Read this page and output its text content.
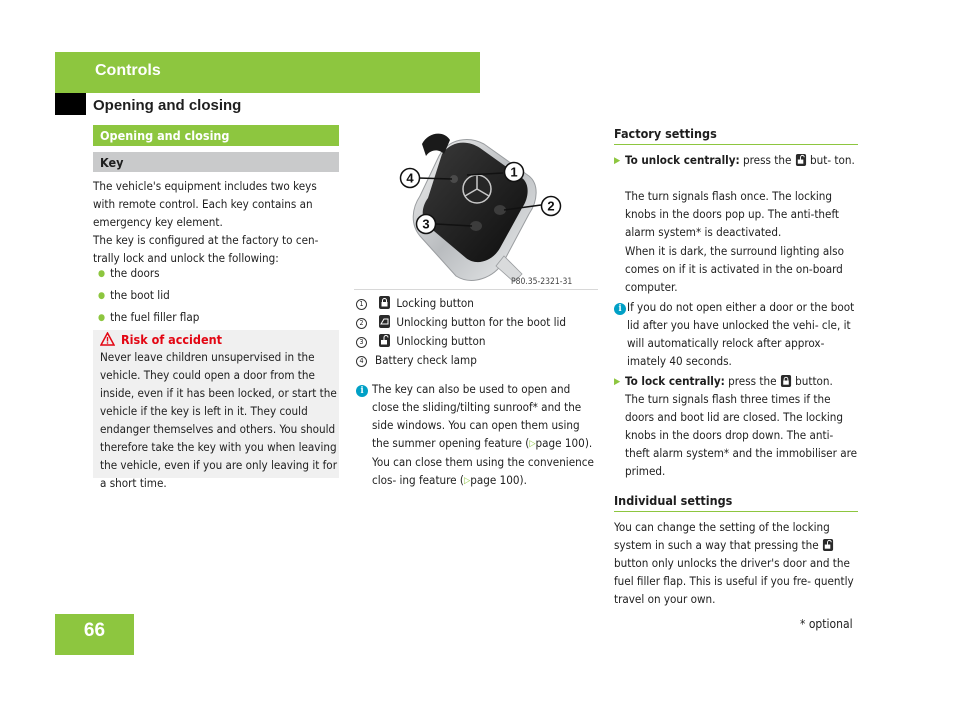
Controls
Opening and closing
Opening and closing
Key
The vehicle's equipment includes two keys with remote control. Each key contains an emergency key element.
The key is configured at the factory to cen- trally lock and unlock the following:
● the doors
● the boot lid
● the fuel filler flap
Risk of accident
Never leave children unsupervised in the vehicle. They could open a door from the inside, even if it has been locked, or start the vehicle if the key is left in it. They could endanger themselves and others. You should therefore take the key with you when leaving the vehicle, even if you are only leaving it for a short time.
1
2
3
4
P80.35-2321-31
1	Locking button
2	Unlocking button for the boot lid
3	Unlocking button
4 Battery check lamp
i The key can also be used to open and close the sliding/tilting sunroof* and the side windows. You can open them using the summer opening feature (▷page 100). You can close them using the convenience clos- ing feature (▷page 100).
Factory settings
▶ To unlock centrally: press the  but- ton.
The turn signals flash once. The locking knobs in the doors pop up. The anti-theft alarm system* is deactivated.
When it is dark, the surround lighting also comes on if it is activated in the on-board computer.
i If you do not open either a door or the boot lid after you have unlocked the vehi- cle, it will automatically relock after approx- imately 40 seconds.
▶ To lock centrally: press the  button.
The turn signals flash three times if the doors and boot lid are closed. The locking knobs in the doors drop down. The anti- theft alarm system* and the immobiliser are primed.
Individual settings
You can change the setting of the locking system in such a way that pressing the  button only unlocks the driver's door and the fuel filler flap. This is useful if you fre- quently travel on your own.
66	* optional
